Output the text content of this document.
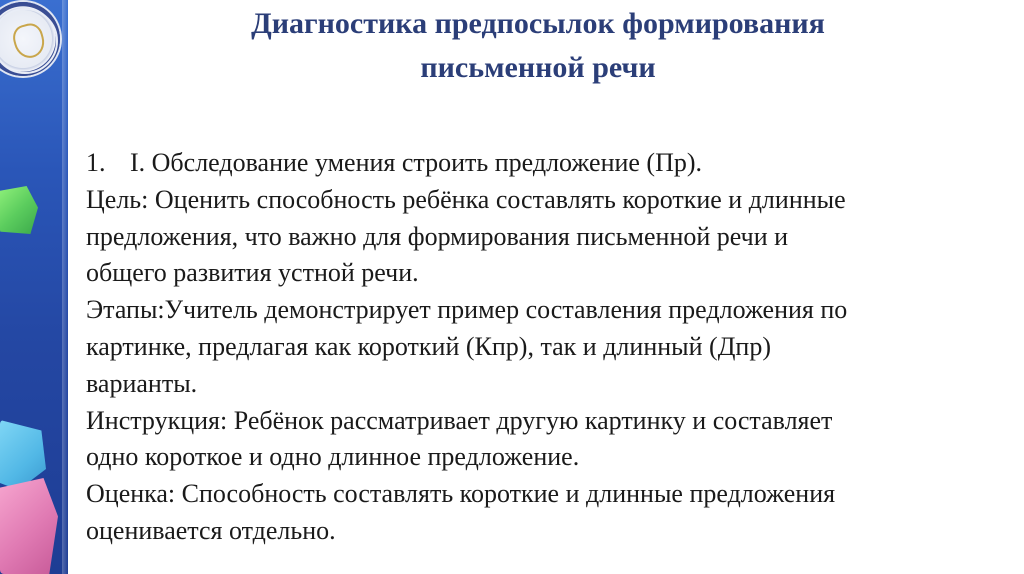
Диагностика предпосылок формирования
письменной речи
1. I. Обследование умения строить предложение (Пр).
Цель: Оценить способность ребёнка составлять короткие и длинные
предложения, что важно для формирования письменной речи и
общего развития устной речи.
Этапы:Учитель демонстрирует пример составления предложения по
картинке, предлагая как короткий (Кпр), так и длинный (Дпр)
варианты.
Инструкция: Ребёнок рассматривает другую картинку и составляет
одно короткое и одно длинное предложение.
Оценка: Способность составлять короткие и длинные предложения
оценивается отдельно.
